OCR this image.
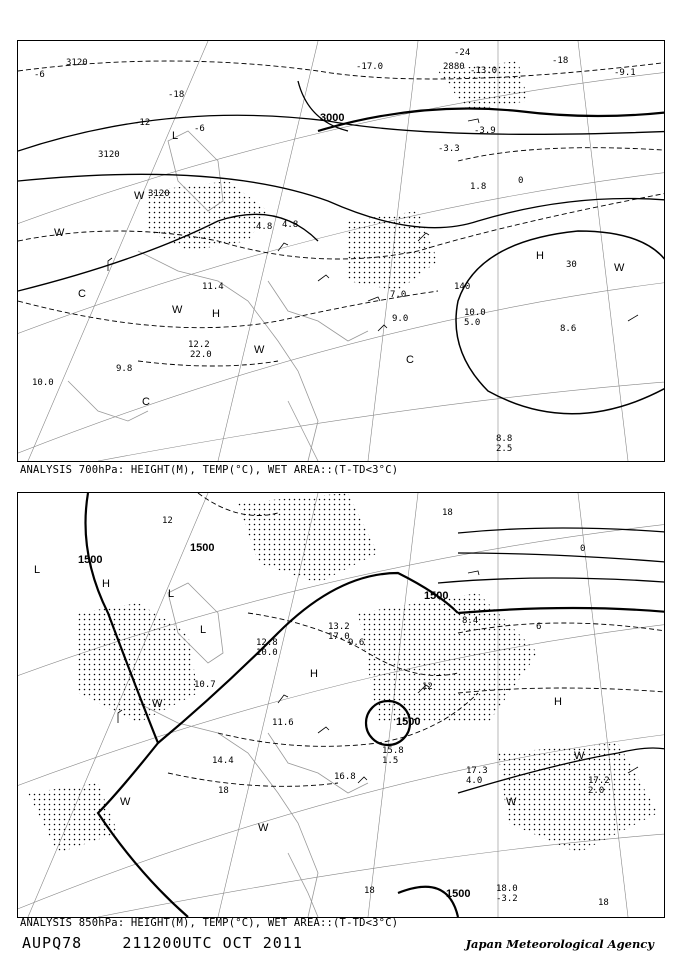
L
H
H
C
C
C
W
W
W
W
W
3120
3120
3120
3000
2880
-24
-18
-6
-12
0
-6
-18
-13.0	-9.1
-17.0
-3.9
-3.3
1.8
8.6
10.0
5.0
4.8
11.4
12.2
22.0
9.8
10.0
7.0
9.0
4.8
8.8
2.5
30
140
ANALYSIS 700hPa: HEIGHT(M), TEMP(°C), WET AREA::(T-TD<3°C)
L
L
L
H
H
H
W
W
W
W
W
1500
1500
1500
1500
1500
12
18
0
6
12
18
18
18
13.2
17.0
12.8
10.0
9.6
15.8
1.5
17.3
4.0	17.2
2.0
16.8
14.4
18.0
-3.2
10.7
11.6
8.4
ANALYSIS 850hPa: HEIGHT(M), TEMP(°C), WET AREA::(T-TD<3°C)
AUPQ78	211200UTC OCT 2011	Japan Meteorological Agency
